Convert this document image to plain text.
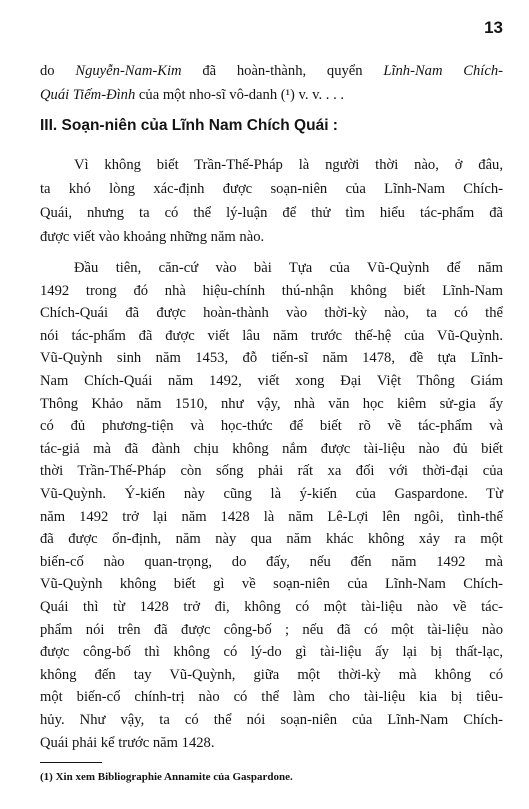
13
do Nguyễn-Nam-Kim đã hoàn-thành, quyển Lĩnh-Nam Chích-
Quái Tiếm-Đình của một nho-sĩ vô-danh (¹) v. v. . . .
III. Soạn-niên của Lĩnh Nam Chích Quái :
Vì không biết Trần-Thế-Pháp là người thời nào, ở đâu,
ta khó lòng xác-định được soạn-niên của Lĩnh-Nam Chích-
Quái, nhưng ta có thể lý-luận để thử tìm hiểu tác-phẩm đã
được viết vào khoảng những năm nào.
Đầu tiên, căn-cứ vào bài Tựa của Vũ-Quỳnh để năm
1492 trong đó nhà hiệu-chính thú-nhận không biết Lĩnh-Nam
Chích-Quái đã được hoàn-thành vào thời-kỳ nào, ta có thể
nói tác-phẩm đã được viết lâu năm trước thế-hệ của Vũ-Quỳnh.
Vũ-Quỳnh sinh năm 1453, đỗ tiến-sĩ năm 1478, đề tựa Lĩnh-
Nam Chích-Quái năm 1492, viết xong Đại Việt Thông Giám
Thông Khảo năm 1510, như vậy, nhà văn học kiêm sử-gia ấy
có đủ phương-tiện và học-thức để biết rõ về tác-phẩm và
tác-giả mà đã đành chịu không nắm được tài-liệu nào đủ biết
thời Trần-Thế-Pháp còn sống phải rất xa đối với thời-đại của
Vũ-Quỳnh. Ý-kiến này cũng là ý-kiến của Gaspardone. Từ
năm 1492 trở lại năm 1428 là năm Lê-Lợi lên ngôi, tình-thế
đã được ổn-định, năm này qua năm khác không xảy ra một
biến-cố nào quan-trọng, do đấy, nếu đến năm 1492 mà
Vũ-Quỳnh không biết gì về soạn-niên của Lĩnh-Nam Chích-
Quái thì từ 1428 trở đi, không có một tài-liệu nào về tác-
phẩm nói trên đã được công-bố ; nếu đã có một tài-liệu nào
được công-bố thì không có lý-do gì tài-liệu ấy lại bị thất-lạc,
không đến tay Vũ-Quỳnh, giữa một thời-kỳ mà không có
một biến-cố chính-trị nào có thể làm cho tài-liệu kia bị tiêu-
hủy. Như vậy, ta có thể nói soạn-niên của Lĩnh-Nam Chích-
Quái phải kể trước năm 1428.
(1) Xin xem Bibliographie Annamite của Gaspardone.
